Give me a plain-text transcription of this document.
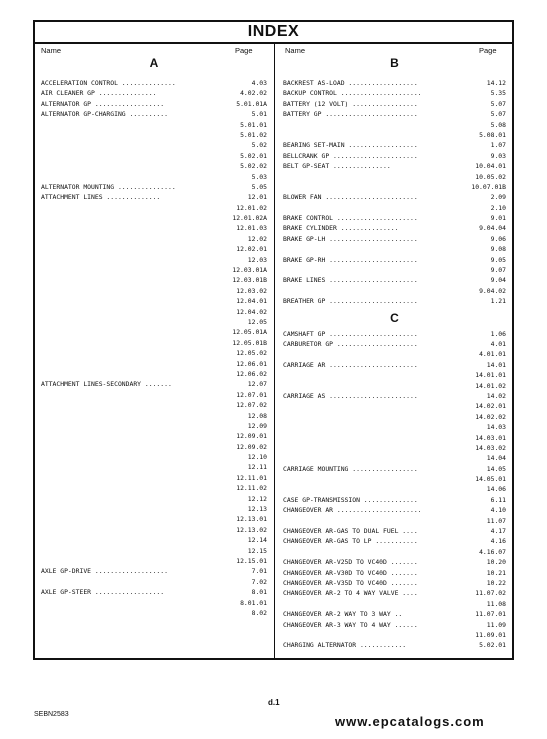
INDEX
Name	Page	Name	Page
A
ACCELERATION CONTROL ..............	4.03
AIR CLEANER GP ...............	4.02.02
ALTERNATOR GP ..................	5.01.01A
ALTERNATOR GP-CHARGING ..........	5.01
5.01.01
5.01.02
5.02
5.02.01
5.02.02
5.03
ALTERNATOR MOUNTING ...............	5.05
ATTACHMENT LINES ..............	12.01
12.01.02
12.01.02A
12.01.03
12.02
12.02.01
12.03
12.03.01A
12.03.01B
12.03.02
12.04.01
12.04.02
12.05
12.05.01A
12.05.01B
12.05.02
12.06.01
12.06.02
ATTACHMENT LINES-SECONDARY .......	12.07
12.07.01
12.07.02
12.08
12.09
12.09.01
12.09.02
12.10
12.11
12.11.01
12.11.02
12.12
12.13
12.13.01
12.13.02
12.14
12.15
12.15.01
AXLE GP-DRIVE ...................	7.01
7.02
AXLE GP-STEER ..................	8.01
8.01.01
8.02
B
BACKREST AS-LOAD ..................	14.12
BACKUP CONTROL .....................	5.35
BATTERY (12 VOLT) .................	5.07
BATTERY GP ........................	5.07
5.08
5.08.01
BEARING SET-MAIN ..................	1.07
BELLCRANK GP ......................	9.03
BELT GP-SEAT ...............	10.04.01
10.05.02
10.07.01B
BLOWER FAN ........................	2.09
2.10
BRAKE CONTROL .....................	9.01
BRAKE CYLINDER ...............	9.04.04
BRAKE GP-LH .......................	9.06
9.08
BRAKE GP-RH .......................	9.05
9.07
BRAKE LINES .......................	9.04
9.04.02
BREATHER GP .......................	1.21
C
CAMSHAFT GP .......................	1.06
CARBURETOR GP .....................	4.01
4.01.01
CARRIAGE AR .......................	14.01
14.01.01
14.01.02
CARRIAGE AS .......................	14.02
14.02.01
14.02.02
14.03
14.03.01
14.03.02
14.04
CARRIAGE MOUNTING .................	14.05
14.05.01
14.06
CASE GP-TRANSMISSION ..............	6.11
CHANGEOVER AR ......................	4.10
11.07
CHANGEOVER AR-GAS TO DUAL FUEL ....	4.17
CHANGEOVER AR-GAS TO LP ...........	4.16
4.16.07
CHANGEOVER AR-V25D TO VC40D .......	10.20
CHANGEOVER AR-V30D TO VC40D .......	10.21
CHANGEOVER AR-V35D TO VC40D .......	10.22
CHANGEOVER AR-2 TO 4 WAY VALVE ....	11.07.02
11.08
CHANGEOVER AR-2 WAY TO 3 WAY ..	11.07.01
CHANGEOVER AR-3 WAY TO 4 WAY ......	11.09
11.09.01
CHARGING ALTERNATOR ............	5.02.01
d.1
SEBN2583	www.epcatalogs.com
